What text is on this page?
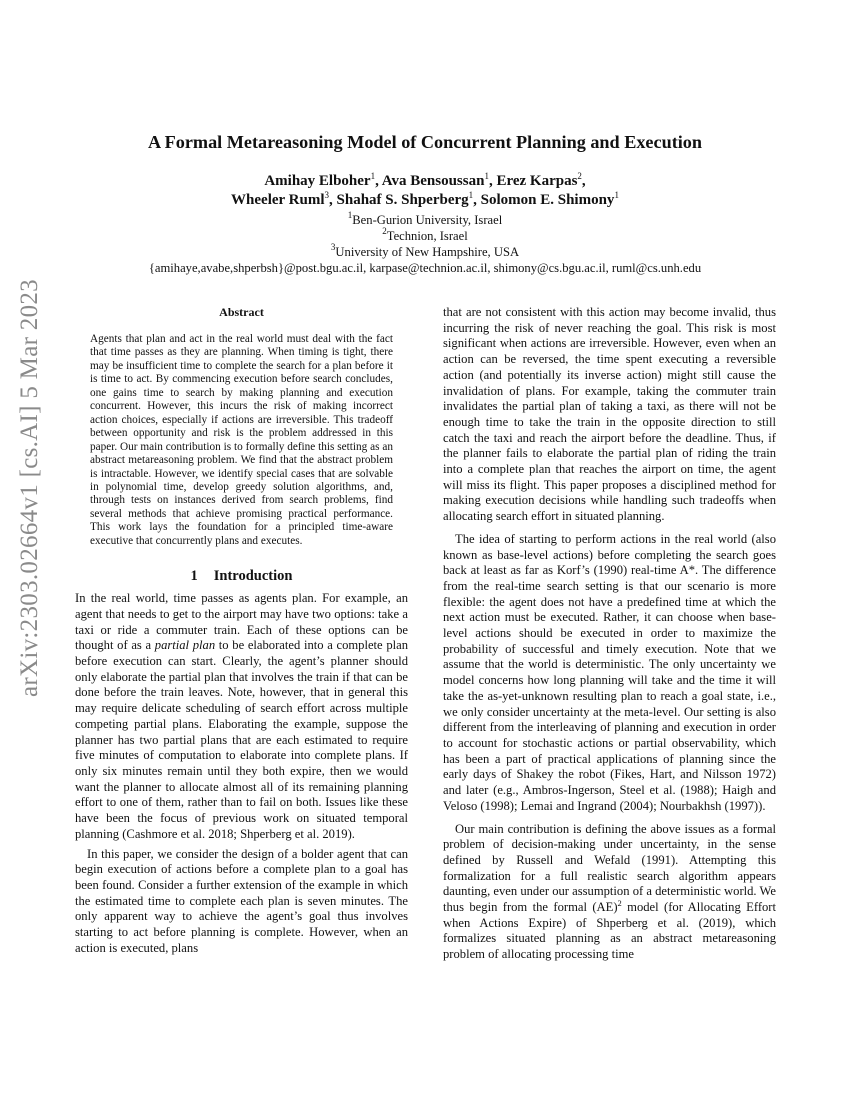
arXiv:2303.02664v1 [cs.AI] 5 Mar 2023
A Formal Metareasoning Model of Concurrent Planning and Execution
Amihay Elboher$^1$, Ava Bensoussan$^1$, Erez Karpas$^2$,
Wheeler Ruml$^3$, Shahaf S. Shperberg$^1$, Solomon E. Shimony$^1$
$^1$Ben-Gurion University, Israel
$^2$Technion, Israel
$^3$University of New Hampshire, USA
{amihaye,avabe,shperbsh}@post.bgu.ac.il, karpase@technion.ac.il, shimony@cs.bgu.ac.il, ruml@cs.unh.edu
Abstract

Agents that plan and act in the real world must deal with the fact that time passes as they are planning. When timing is tight, there may be insufficient time to complete the search for a plan before it is time to act. By commencing execution before search concludes, one gains time to search by making planning and execution concurrent. However, this incurs the risk of making incorrect action choices, especially if actions are irreversible. This tradeoff between opportunity and risk is the problem addressed in this paper. Our main contribution is to formally define this setting as an abstract metareasoning problem. We find that the abstract problem is intractable. However, we identify special cases that are solvable in polynomial time, develop greedy solution algorithms, and, through tests on instances derived from search problems, find several methods that achieve promising practical performance. This work lays the foundation for a principled time-aware executive that concurrently plans and executes.

1 Introduction

In the real world, time passes as agents plan. For example, an agent that needs to get to the airport may have two options: take a taxi or ride a commuter train. Each of these options can be thought of as a partial plan to be elaborated into a complete plan before execution can start. Clearly, the agent’s planner should only elaborate the partial plan that involves the train if that can be done before the train leaves. Note, however, that in general this may require delicate scheduling of search effort across multiple competing partial plans. Elaborating the example, suppose the planner has two partial plans that are each estimated to require five minutes of computation to elaborate into complete plans. If only six minutes remain until they both expire, then we would want the planner to allocate almost all of its remaining planning effort to one of them, rather than to fail on both. Issues like these have been the focus of previous work on situated temporal planning (Cashmore et al. 2018; Shperberg et al. 2019).

In this paper, we consider the design of a bolder agent that can begin execution of actions before a complete plan to a goal has been found. Consider a further extension of the example in which the estimated time to complete each plan is seven minutes. The only apparent way to achieve the agent’s goal thus involves starting to act before planning is complete. However, when an action is executed, plans

that are not consistent with this action may become invalid, thus incurring the risk of never reaching the goal. This risk is most significant when actions are irreversible. However, even when an action can be reversed, the time spent executing a reversible action (and potentially its inverse action) might still cause the invalidation of plans. For example, taking the commuter train invalidates the partial plan of taking a taxi, as there will not be enough time to take the train in the opposite direction to still catch the taxi and reach the airport before the deadline. Thus, if the planner fails to elaborate the partial plan of riding the train into a complete plan that reaches the airport on time, the agent will miss its flight. This paper proposes a disciplined method for making execution decisions while handling such tradeoffs when allocating search effort in situated planning.

The idea of starting to perform actions in the real world (also known as base-level actions) before completing the search goes back at least as far as Korf’s (1990) real-time A*. The difference from the real-time search setting is that our scenario is more flexible: the agent does not have a predefined time at which the next action must be executed. Rather, it can choose when base-level actions should be executed in order to maximize the probability of successful and timely execution. Note that we assume that the world is deterministic. The only uncertainty we model concerns how long planning will take and the time it will take the as-yet-unknown resulting plan to reach a goal state, i.e., we only consider uncertainty at the meta-level. Our setting is also different from the interleaving of planning and execution in order to account for stochastic actions or partial observability, which has been a part of practical applications of planning since the early days of Shakey the robot (Fikes, Hart, and Nilsson 1972) and later (e.g., Ambros-Ingerson, Steel et al. (1988); Haigh and Veloso (1998); Lemai and Ingrand (2004); Nourbakhsh (1997)).

Our main contribution is defining the above issues as a formal problem of decision-making under uncertainty, in the sense defined by Russell and Wefald (1991). Attempting this formalization for a full realistic search algorithm appears daunting, even under our assumption of a deterministic world. We thus begin from the formal (AE)$^2$ model (for Allocating Effort when Actions Expire) of Shperberg et al. (2019), which formalizes situated planning as an abstract metareasoning problem of allocating processing time
